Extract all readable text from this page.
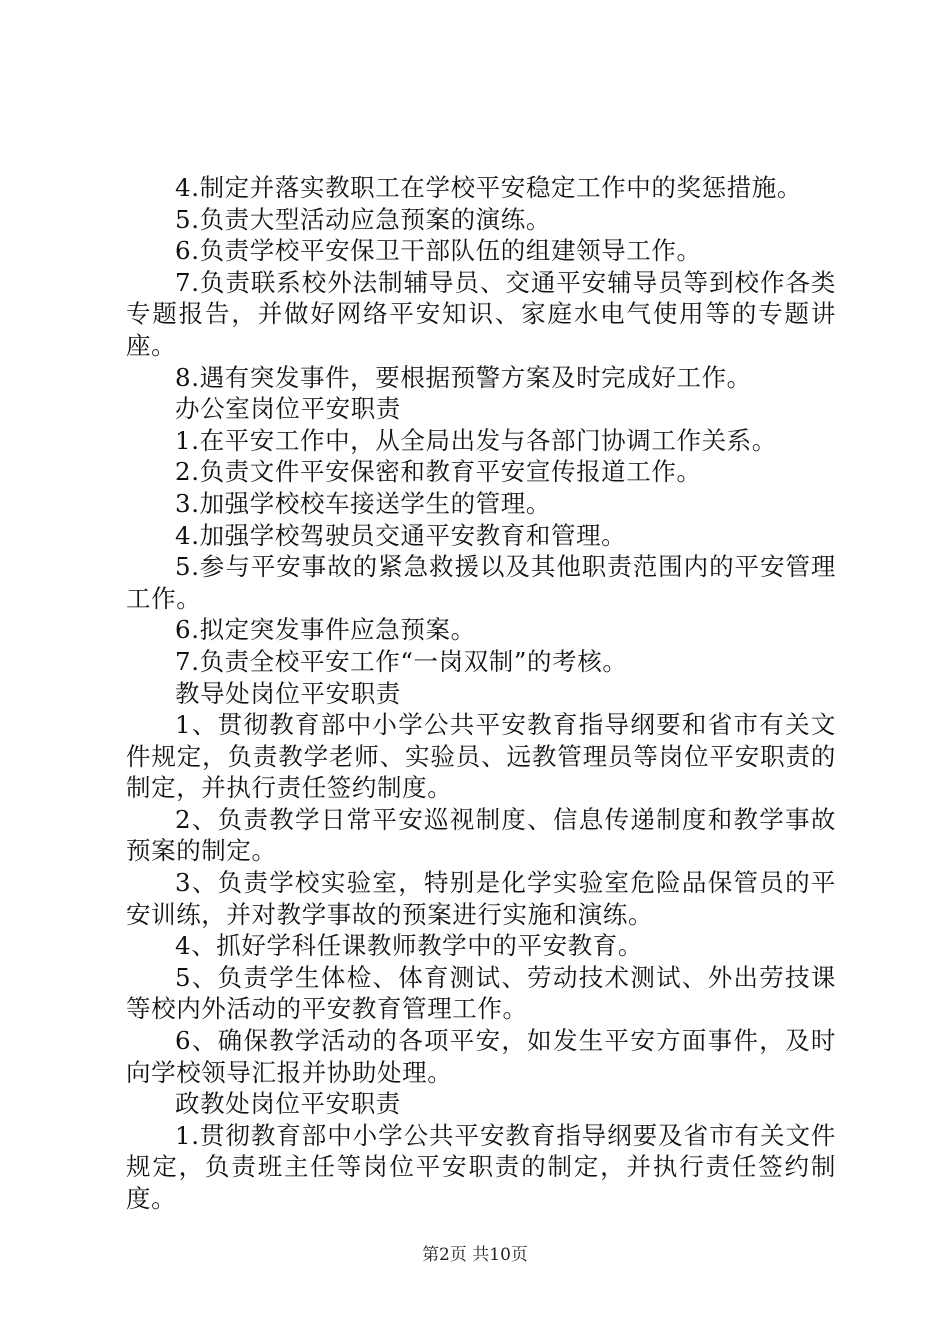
4.制定并落实教职工在学校平安稳定工作中的奖惩措施。

5.负责大型活动应急预案的演练。

6.负责学校平安保卫干部队伍的组建领导工作。

7.负责联系校外法制辅导员、交通平安辅导员等到校作各类专题报告，并做好网络平安知识、家庭水电气使用等的专题讲座。

8.遇有突发事件，要根据预警方案及时完成好工作。

办公室岗位平安职责

1.在平安工作中，从全局出发与各部门协调工作关系。

2.负责文件平安保密和教育平安宣传报道工作。

3.加强学校校车接送学生的管理。

4.加强学校驾驶员交通平安教育和管理。

5.参与平安事故的紧急救援以及其他职责范围内的平安管理工作。

6.拟定突发事件应急预案。

7.负责全校平安工作“一岗双制”的考核。

教导处岗位平安职责

1、贯彻教育部中小学公共平安教育指导纲要和省市有关文件规定，负责教学老师、实验员、远教管理员等岗位平安职责的制定，并执行责任签约制度。

2、负责教学日常平安巡视制度、信息传递制度和教学事故预案的制定。

3、负责学校实验室，特别是化学实验室危险品保管员的平安训练，并对教学事故的预案进行实施和演练。

4、抓好学科任课教师教学中的平安教育。

5、负责学生体检、体育测试、劳动技术测试、外出劳技课等校内外活动的平安教育管理工作。

6、确保教学活动的各项平安，如发生平安方面事件，及时向学校领导汇报并协助处理。

政教处岗位平安职责

1.贯彻教育部中小学公共平安教育指导纲要及省市有关文件规定，负责班主任等岗位平安职责的制定，并执行责任签约制度。

第2页 共10页
